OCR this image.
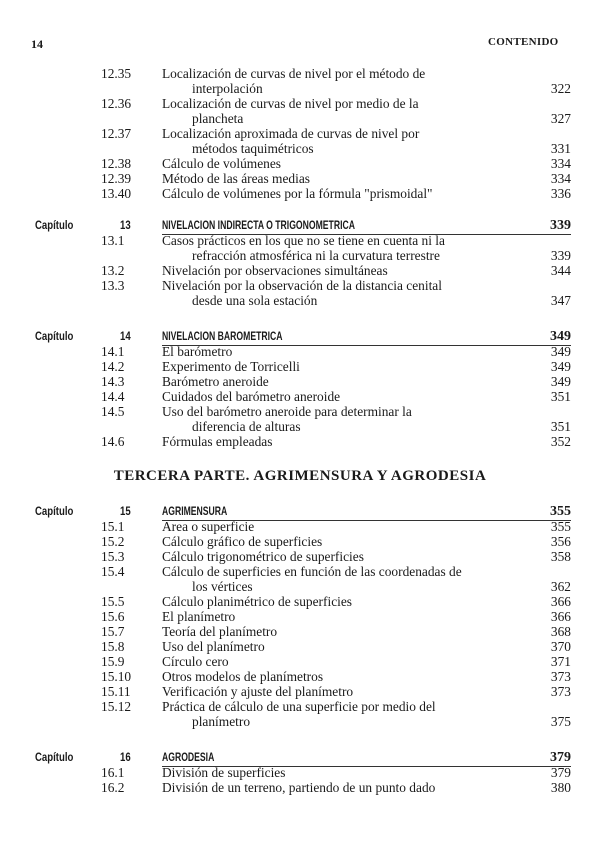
14	CONTENIDO
12.35 Localización de curvas de nivel por el método de
interpolación	322
12.36 Localización de curvas de nivel por medio de la
plancheta	327
12.37 Localización aproximada de curvas de nivel por
métodos taquimétricos	331
12.38 Cálculo de volúmenes	334
12.39 Método de las áreas medias	334
13.40 Cálculo de volúmenes por la fórmula "prismoidal"	336
Capítulo	13	NIVELACION INDIRECTA O TRIGONOMETRICA	339
13.1	Casos prácticos en los que no se tiene en cuenta ni la
refracción atmosférica ni la curvatura terrestre	339
13.2	Nivelación por observaciones simultáneas	344
13.3	Nivelación por la observación de la distancia cenital
desde una sola estación	347
Capítulo	14	NIVELACION BAROMETRICA	349
14.1	El barómetro	349
14.2	Experimento de Torricelli	349
14.3	Barómetro aneroide	349
14.4	Cuidados del barómetro aneroide	351
14.5	Uso del barómetro aneroide para determinar la
diferencia de alturas	351
14.6	Fórmulas empleadas	352
Capítulo	15	AGRIMENSURA	355
15.1	Area o superficie	355
15.2	Cálculo gráfico de superficies	356
15.3	Cálculo trigonométrico de superficies	358
15.4	Cálculo de superficies en función de las coordenadas de
los vértices	362
15.5	Cálculo planimétrico de superficies	366
15.6	El planímetro	366
15.7	Teoría del planímetro	368
15.8	Uso del planímetro	370
15.9	Círculo cero	371
15.10 Otros modelos de planímetros	373
15.11 Verificación y ajuste del planímetro	373
15.12 Práctica de cálculo de una superficie por medio del
planímetro	375
Capítulo	16	AGRODESIA	379
16.1	División de superficies	379
16.2	División de un terreno, partiendo de un punto dado	380
TERCERA PARTE. AGRIMENSURA Y AGRODESIA
